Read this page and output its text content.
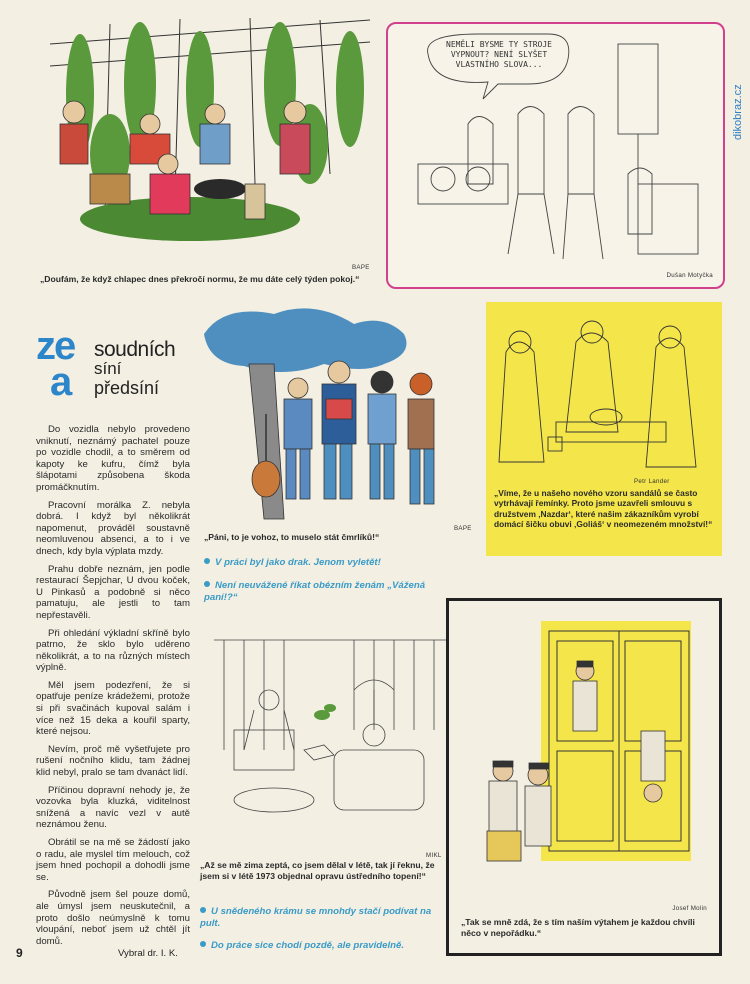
dikobraz.cz
BAPE
„Doufám, že když chlapec dnes překročí normu, že mu dáte celý týden pokoj.“
NEMĚLI BYSME TY STROJE VYPNOUT? NENÍ SLYŠET VLASTNÍHO SLOVA...
Dušan Motyčka
ze
a
soudních
síní
předsíní

Do vozidla nebylo provedeno vniknutí, neznámý pachatel pouze po vozidle chodil, a to směrem od kapoty ke kufru, čímž byla šlápotami způsobena škoda promáčknutím.

Pracovní morálka Z. nebyla dobrá. I když byl několikrát napomenut, prováděl soustavně neomluvenou absenci, a to i ve dnech, kdy byla výplata mzdy.

Prahu dobře neznám, jen podle restaurací Šepjchar, U dvou koček, U Pinkasů a podobně si něco pamatuju, ale jestli to tam nepřestavěli.

Při ohledání výkladní skříně bylo patrno, že sklo bylo uděreno několikrát, a to na různých místech výplně.

Měl jsem podezření, že si opatřuje peníze krádežemi, protože si při svačinách kupoval salám i více než 15 deka a kouřil sparty, které nejsou.

Nevím, proč mě vyšetřujete pro rušení nočního klidu, tam žádnej klid nebyl, pralo se tam dvanáct lidí.

Příčinou dopravní nehody je, že vozovka byla kluzká, viditelnost snížená a navíc vezl v autě neznámou ženu.

Obrátil se na mě se žádostí jako o radu, ale myslel tím melouch, což jsem hned pochopil a dohodli jsme se.

Původně jsem šel pouze domů, ale úmysl jsem neuskutečnil, a proto došlo neúmyslně k tomu vloupání, neboť jsem už chtěl jít domů.

9	Vybral dr. I. K.
BAPE
„Páni, to je vohoz, to muselo stát čmrlíků!“
V práci byl jako drak. Jenom vyletět!
Není neuvážené říkat obézním ženám „Vážená paní!?“
Petr Lander
„Víme, že u našeho nového vzoru sandálů se často vytrhávají řemínky. Proto jsme uzavřeli smlouvu s družstvem ‚Nazdar‘, které našim zákazníkům vyrobí domácí šičku obuvi ‚Goliáš‘ v neomezeném množství!“
MIKL
„Až se mě zima zeptá, co jsem dělal v létě, tak jí řeknu, že jsem si v létě 1973 objednal opravu ústředního topení!“
U snědeného krámu se mnohdy stačí podívat na pult.
Do práce sice chodí pozdě, ale pravidelně.
Josef Molin
„Tak se mně zdá, že s tím naším výtahem je každou chvíli něco v nepořádku.“
